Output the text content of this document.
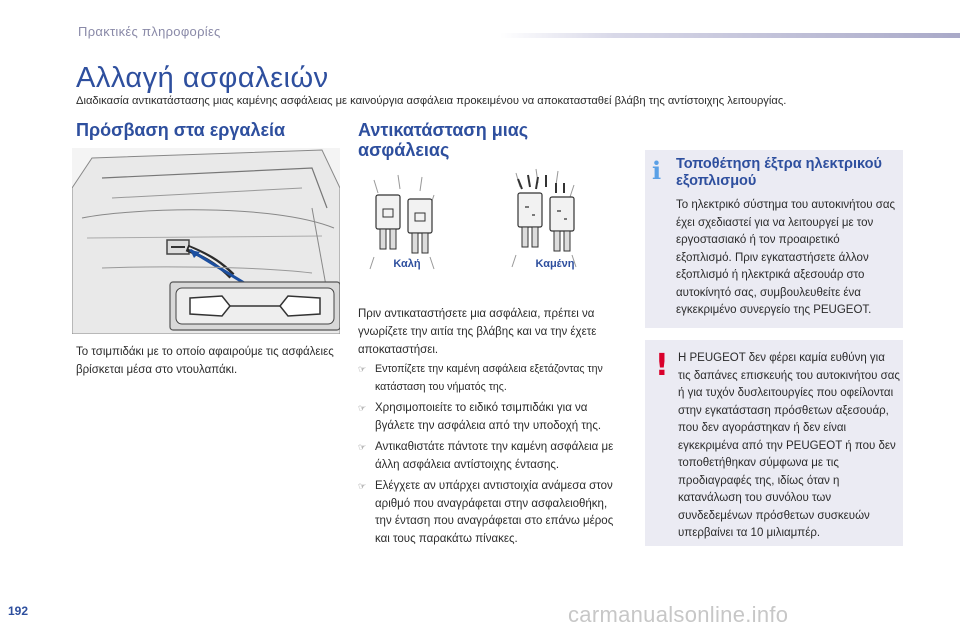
Πρακτικές πληροφορίες
Αλλαγή ασφαλειών
Διαδικασία αντικατάστασης μιας καμένης ασφάλειας με καινούργια ασφάλεια προκειμένου να αποκατασταθεί βλάβη της αντίστοιχης λειτουργίας.
Πρόσβαση στα εργαλεία	Αντικατάσταση μιας ασφάλειας
Το τσιμπιδάκι με το οποίο αφαιρούμε τις ασφάλειες βρίσκεται μέσα στο ντουλαπάκι.
Καλή	Καμένη
Πριν αντικαταστήσετε μια ασφάλεια, πρέπει να γνωρίζετε την αιτία της βλάβης και να την έχετε αποκαταστήσει.
☞ Εντοπίζετε την καμένη ασφάλεια εξετάζοντας την κατάσταση του νήματός της.
☞ Χρησιμοποιείτε το ειδικό τσιμπιδάκι για να βγάλετε την ασφάλεια από την υποδοχή της.
☞ Αντικαθιστάτε πάντοτε την καμένη ασφάλεια με άλλη ασφάλεια αντίστοιχης έντασης.
☞ Ελέγχετε αν υπάρχει αντιστοιχία ανάμεσα στον αριθμό που αναγράφεται στην ασφαλειοθήκη, την ένταση που αναγράφεται στο επάνω μέρος και τους παρακάτω πίνακες.
i Τοποθέτηση έξτρα ηλεκτρικού εξοπλισμού
Το ηλεκτρικό σύστημα του αυτοκινήτου σας έχει σχεδιαστεί για να λειτουργεί με τον εργοστασιακό ή τον προαιρετικό εξοπλισμό. Πριν εγκαταστήσετε άλλον εξοπλισμό ή ηλεκτρικά αξεσουάρ στο αυτοκίνητό σας, συμβουλευθείτε ένα εγκεκριμένο συνεργείο της PEUGEOT.
! Η PEUGEOT δεν φέρει καμία ευθύνη για τις δαπάνες επισκευής του αυτοκινήτου σας ή για τυχόν δυσλειτουργίες που οφείλονται στην εγκατάσταση πρόσθετων αξεσουάρ, που δεν αγοράστηκαν ή δεν είναι εγκεκριμένα από την PEUGEOT ή που δεν τοποθετήθηκαν σύμφωνα με τις προδιαγραφές της, ιδίως όταν η κατανάλωση του συνόλου των συνδεδεμένων πρόσθετων συσκευών υπερβαίνει τα 10 μιλιαμπέρ.
192	carmanualsonline.info
